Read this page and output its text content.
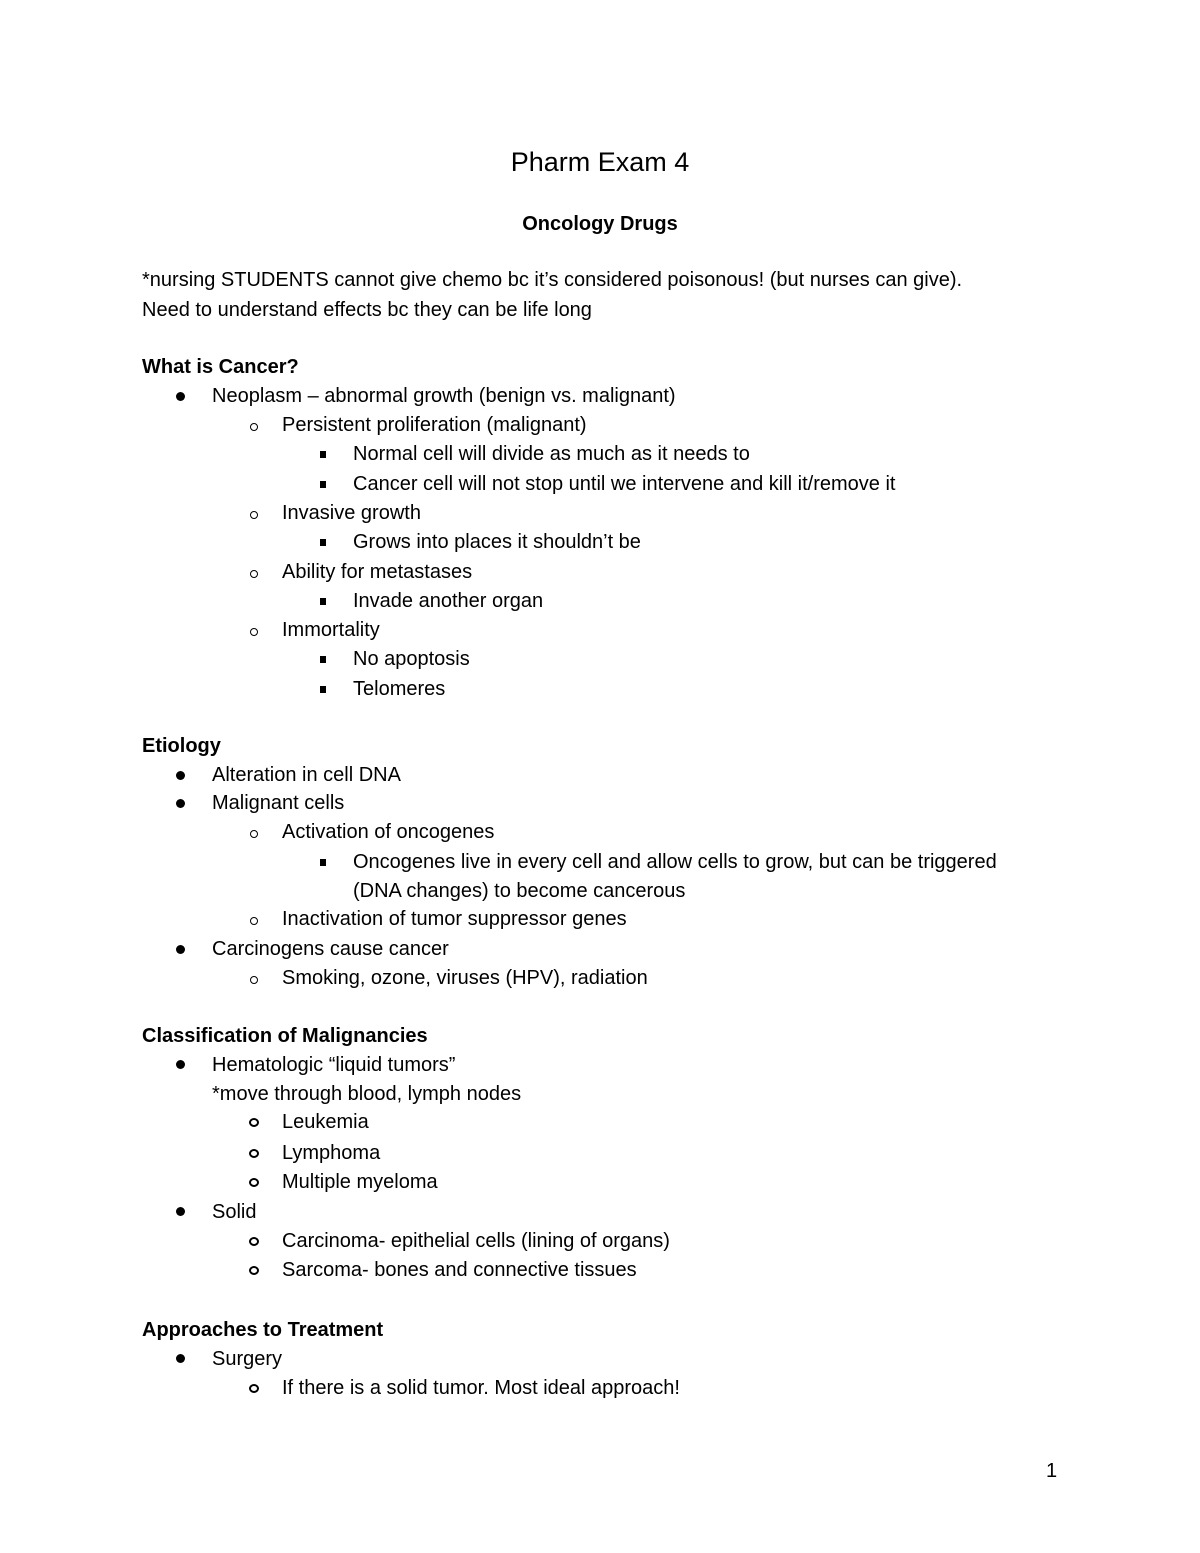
Pharm Exam 4
Oncology Drugs
*nursing STUDENTS cannot give chemo bc it’s considered poisonous! (but nurses can give).
Need to understand effects bc they can be life long
What is Cancer?
Neoplasm – abnormal growth (benign vs. malignant)
Persistent proliferation (malignant)
Normal cell will divide as much as it needs to
Cancer cell will not stop until we intervene and kill it/remove it
Invasive growth
Grows into places it shouldn’t be
Ability for metastases
Invade another organ
Immortality
No apoptosis
Telomeres
Etiology
Alteration in cell DNA
Malignant cells
Activation of oncogenes
Oncogenes live in every cell and allow cells to grow, but can be triggered
(DNA changes) to become cancerous
Inactivation of tumor suppressor genes
Carcinogens cause cancer
Smoking, ozone, viruses (HPV), radiation
Classification of Malignancies
Hematologic “liquid tumors”
*move through blood, lymph nodes
Leukemia
Lymphoma
Multiple myeloma
Solid
Carcinoma- epithelial cells (lining of organs)
Sarcoma- bones and connective tissues
Approaches to Treatment
Surgery
If there is a solid tumor. Most ideal approach!
1
